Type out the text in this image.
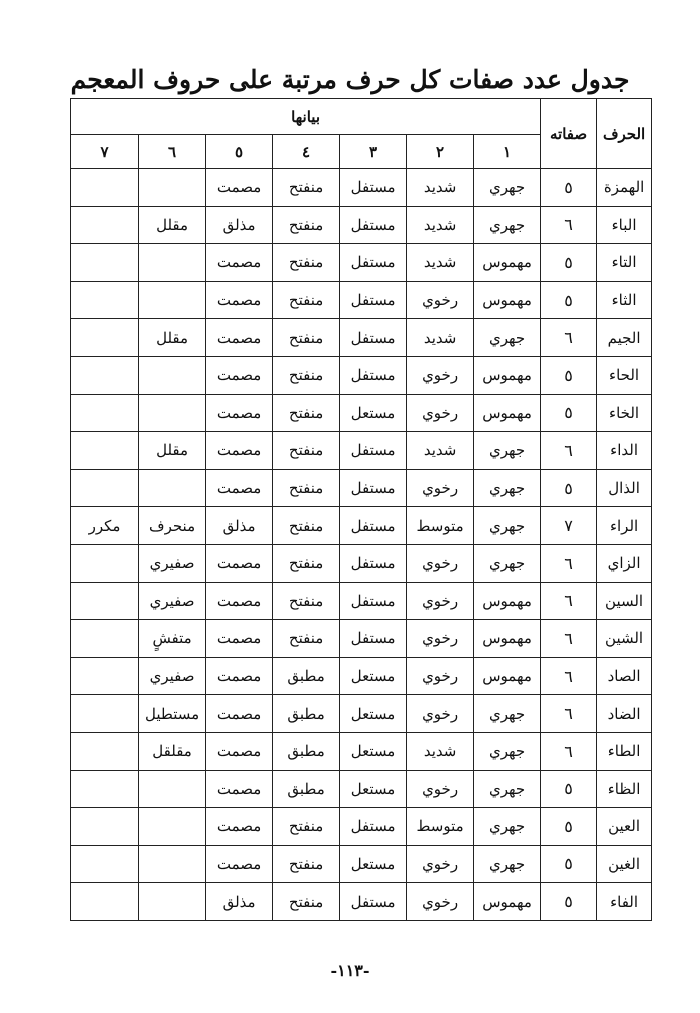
جدول عدد صفات كل حرف مرتبة على حروف المعجم
الحرف	صفاته	بيانها						
		١	٢	٣	٤	٥	٦	٧
الهمزة	٥	جهري	شديد	مستفل	منفتح	مصمت		
الباء	٦	جهري	شديد	مستفل	منفتح	مذلق	مقلل	
التاء	٥	مهموس	شديد	مستفل	منفتح	مصمت		
الثاء	٥	مهموس	رخوي	مستفل	منفتح	مصمت		
الجيم	٦	جهري	شديد	مستفل	منفتح	مصمت	مقلل	
الحاء	٥	مهموس	رخوي	مستفل	منفتح	مصمت		
الخاء	٥	مهموس	رخوي	مستعل	منفتح	مصمت		
الداء	٦	جهري	شديد	مستفل	منفتح	مصمت	مقلل	
الذال	٥	جهري	رخوي	مستفل	منفتح	مصمت		
الراء	٧	جهري	متوسط	مستفل	منفتح	مذلق	منحرف	مكرر
الزاي	٦	جهري	رخوي	مستفل	منفتح	مصمت	صفيري	
السين	٦	مهموس	رخوي	مستفل	منفتح	مصمت	صفيري	
الشين	٦	مهموس	رخوي	مستفل	منفتح	مصمت	متفشٍ	
الصاد	٦	مهموس	رخوي	مستعل	مطبق	مصمت	صفيري	
الضاد	٦	جهري	رخوي	مستعل	مطبق	مصمت	مستطيل	
الطاء	٦	جهري	شديد	مستعل	مطبق	مصمت	مقلقل	
الظاء	٥	جهري	رخوي	مستعل	مطبق	مصمت		
العين	٥	جهري	متوسط	مستفل	منفتح	مصمت		
الغين	٥	جهري	رخوي	مستعل	منفتح	مصمت		
الفاء	٥	مهموس	رخوي	مستفل	منفتح	مذلق		
-١١٣-
